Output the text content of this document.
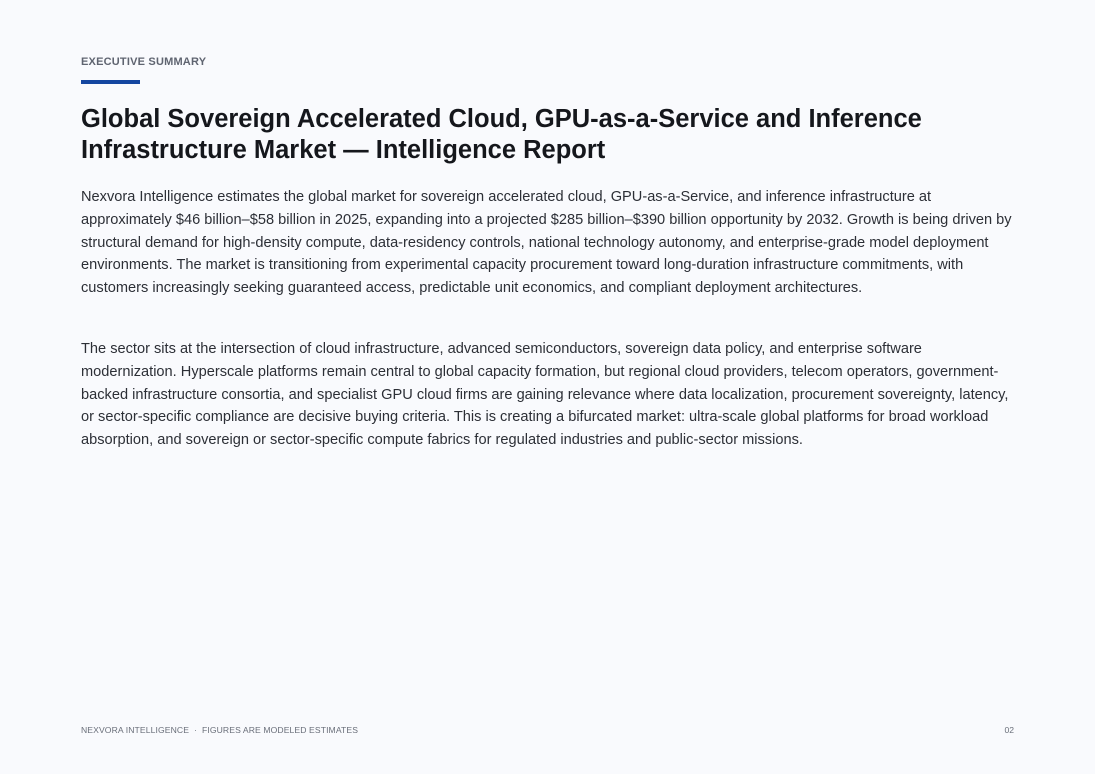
EXECUTIVE SUMMARY
Global Sovereign Accelerated Cloud, GPU-as-a-Service and Inference Infrastructure Market — Intelligence Report

Nexvora Intelligence estimates the global market for sovereign accelerated cloud, GPU-as-a-Service, and inference infrastructure at approximately $46 billion–$58 billion in 2025, expanding into a projected $285 billion–$390 billion opportunity by 2032. Growth is being driven by structural demand for high-density compute, data-residency controls, national technology autonomy, and enterprise-grade model deployment environments. The market is transitioning from experimental capacity procurement toward long-duration infrastructure commitments, with customers increasingly seeking guaranteed access, predictable unit economics, and compliant deployment architectures.

The sector sits at the intersection of cloud infrastructure, advanced semiconductors, sovereign data policy, and enterprise software modernization. Hyperscale platforms remain central to global capacity formation, but regional cloud providers, telecom operators, government-backed infrastructure consortia, and specialist GPU cloud firms are gaining relevance where data localization, procurement sovereignty, latency, or sector-specific compliance are decisive buying criteria. This is creating a bifurcated market: ultra-scale global platforms for broad workload absorption, and sovereign or sector-specific compute fabrics for regulated industries and public-sector missions.

NEXVORA INTELLIGENCE · FIGURES ARE MODELED ESTIMATES	02
